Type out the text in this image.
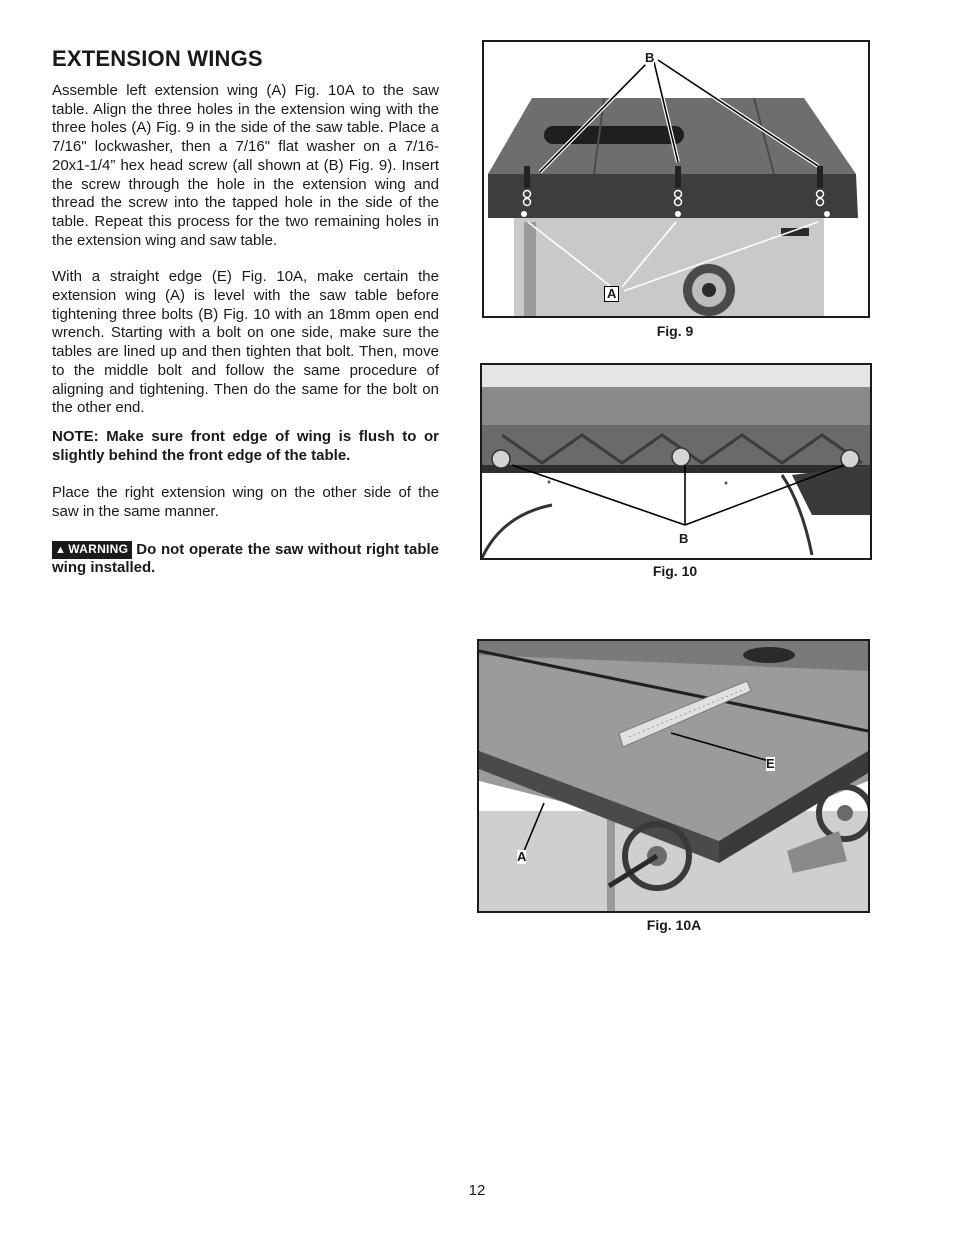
EXTENSION WINGS

Assemble left extension wing (A) Fig. 10A to the saw table. Align the three holes in the extension wing with the three holes (A) Fig. 9 in the side of the saw table. Place a 7/16" lockwasher, then a 7/16" flat washer on a 7/16-20x1-1/4” hex head screw (all shown at (B) Fig. 9). Insert the screw through the hole in the extension wing and thread the screw into the tapped hole in the side of the table. Repeat this process for the two remaining holes in the extension wing and saw table.

With a straight edge (E) Fig. 10A, make certain the extension wing (A) is level with the saw table before tightening three bolts (B) Fig. 10 with an 18mm open end wrench. Starting with a bolt on one side, make sure the tables are lined up and then tighten that bolt. Then, move to the middle bolt and follow the same procedure of aligning and tightening. Then do the same for the bolt on the other end.

NOTE: Make sure front edge of wing is flush to or slightly behind the front edge of the table.

Place the right extension wing on the other side of the saw in the same manner.

▲ WARNING Do not operate the saw without right table wing installed.

B
A
Fig. 9
B
Fig. 10
E
A
Fig. 10A
12
